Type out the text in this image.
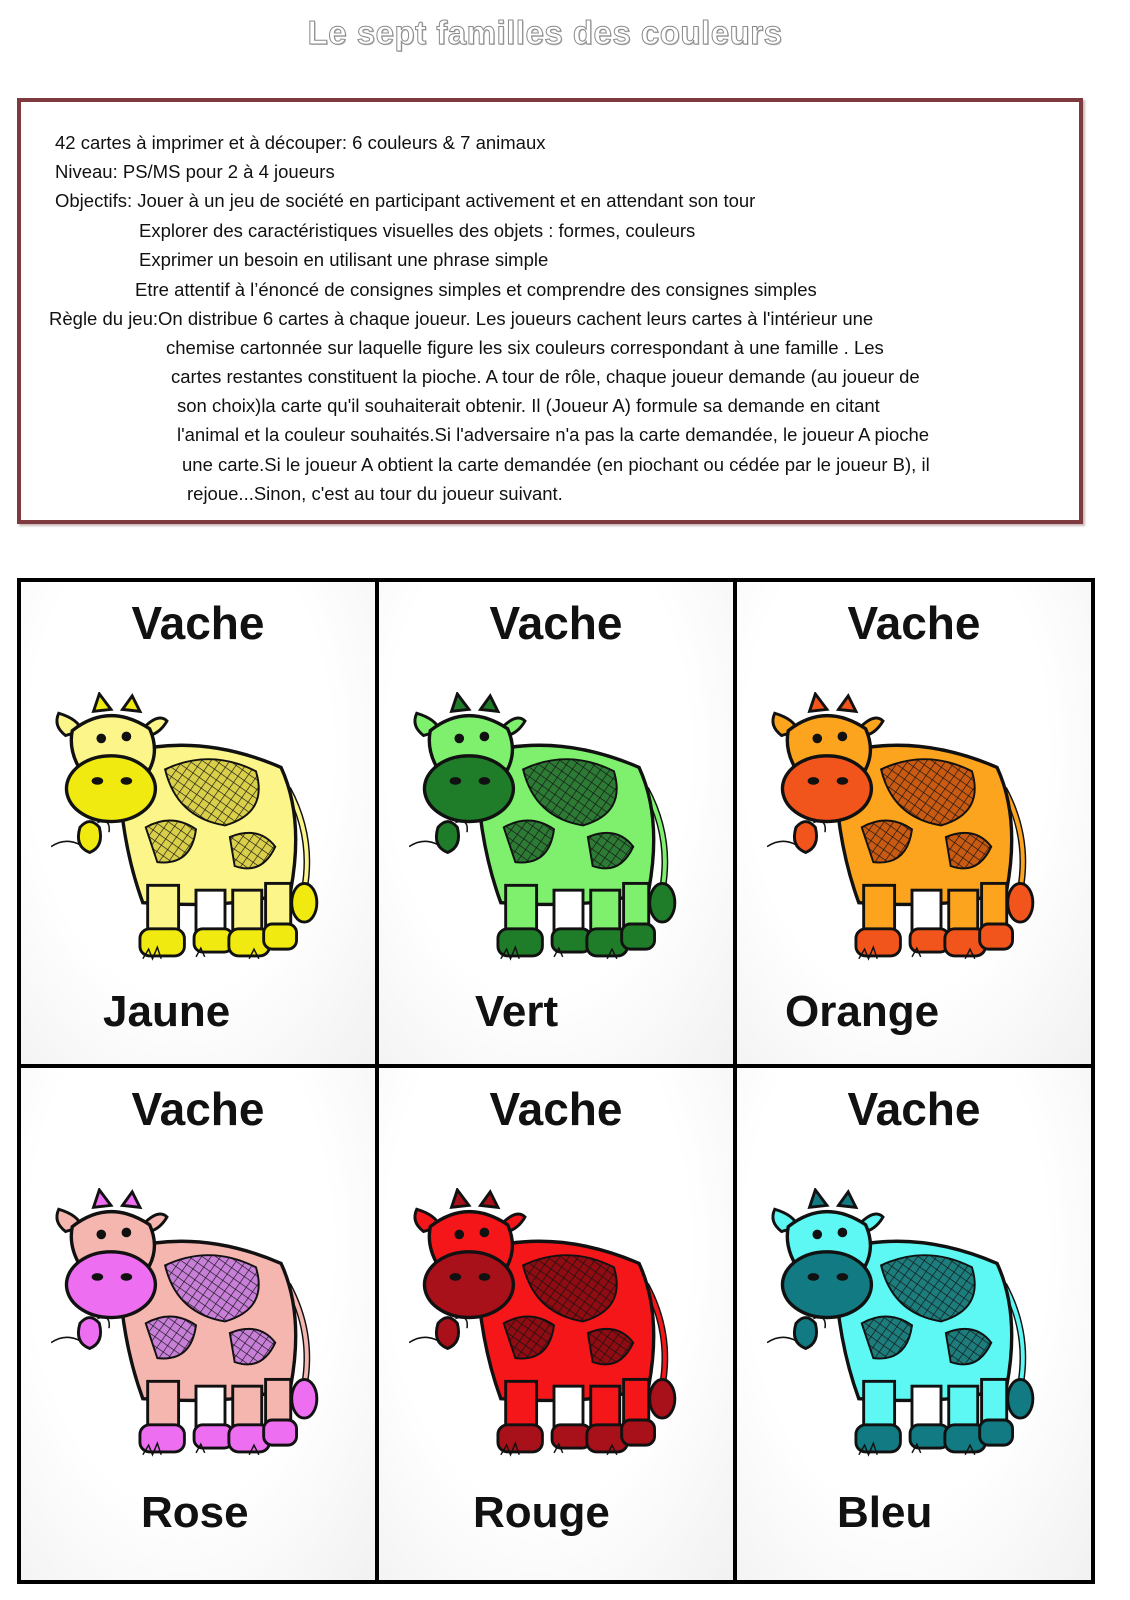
Le sept familles des couleurs
42 cartes à imprimer et à découper: 6 couleurs & 7 animaux
Niveau: PS/MS pour 2 à 4 joueurs
Objectifs: Jouer à un jeu de société en participant activement et en attendant son tour
Explorer des caractéristiques visuelles des objets : formes, couleurs
Exprimer un besoin en utilisant une phrase simple
Etre attentif à l’énoncé de consignes simples et comprendre des consignes simples
Règle du jeu:On distribue 6 cartes à chaque joueur. Les joueurs cachent leurs cartes à l'intérieur une
chemise cartonnée sur laquelle figure les six couleurs correspondant à une famille . Les
cartes restantes constituent la pioche. A tour de rôle, chaque joueur demande (au joueur de
son choix)la carte qu'il souhaiterait obtenir. Il (Joueur A) formule sa demande en citant
l'animal et la couleur souhaités.Si l'adversaire n'a pas la carte demandée, le joueur A pioche
une carte.Si le joueur A obtient la carte demandée (en piochant ou cédée par le joueur B), il
rejoue...Sinon, c'est au tour du joueur suivant.
Vache
Jaune
Vache
Vert
Vache
Orange
Vache
Rose
Vache
Rouge
Vache
Bleu
